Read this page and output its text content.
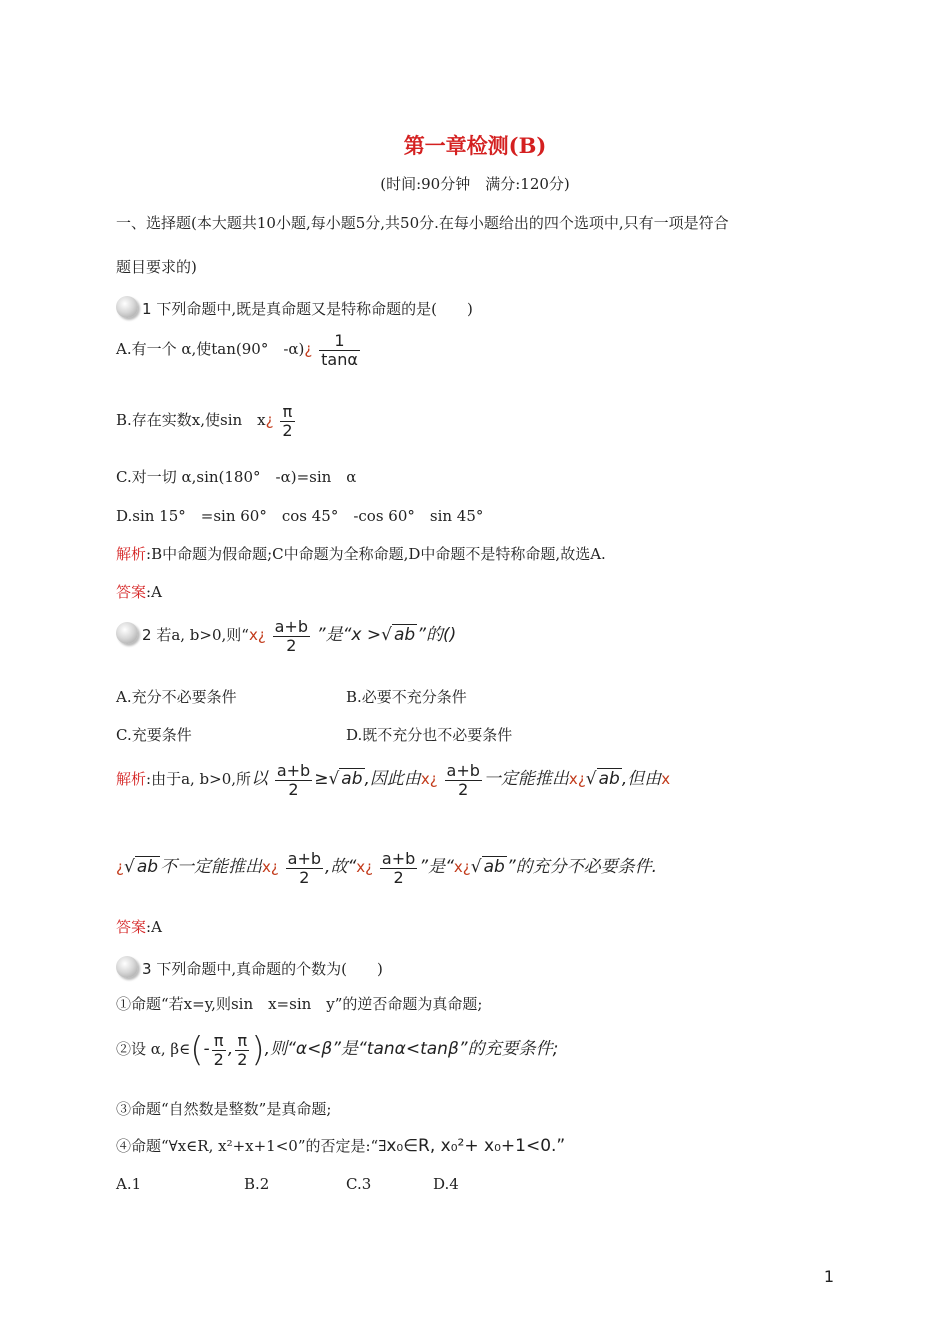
第一章检测(B)
(时间:90分钟　满分:120分)
一、选择题(本大题共10小题,每小题5分,共50分.在每小题给出的四个选项中,只有一项是符合
题目要求的)
1 下列命题中,既是真命题又是特称命题的是(　　)
A.有一个 α,使tan(90°　-α)¿ $\frac{1}{\tan\alpha}$
B.存在实数x,使sin　x¿ $\frac{\pi}{2}$
C.对一切 α,sin(180°　-α)=sin　α
D.sin 15°　=sin 60°　cos 45°　-cos 60°　sin 45°
解析:B中命题为假命题;C中命题为全称命题,D中命题不是特称命题,故选A.
答案:A
2 若a, b>0,则“x¿ $\frac{a+b}{2}$ ”是“x >√ ab ”的()
A.充分不必要条件	B.必要不充分条件
C.充要条件	D.既不充分也不必要条件
解析:由于a, b>0,所以 $\frac{a+b}{2}$ ≥√ ab ,因此由x¿ $\frac{a+b}{2}$ 一定能推出x¿√ ab ,但由x
¿√ ab 不一定能推出x¿ $\frac{a+b}{2}$ ,故“x¿ $\frac{a+b}{2}$ ”是“x¿√ ab ”的充分不必要条件.
答案:A
3 下列命题中,真命题的个数为(　　)
①命题“若x=y,则sin　x=sin　y”的逆否命题为真命题;
②设 α, β∈(- $\frac{\pi}{2}$ , $\frac{\pi}{2}$ ),则“α<β”是“tanα<tanβ”的充要条件;
③命题“自然数是整数”是真命题;
④命题“∀x∈R, x²+x+1<0”的否定是:“∃x₀∈R, x₀²+ x₀+1<0.”
A.1	B.2	C.3	D.4
1
